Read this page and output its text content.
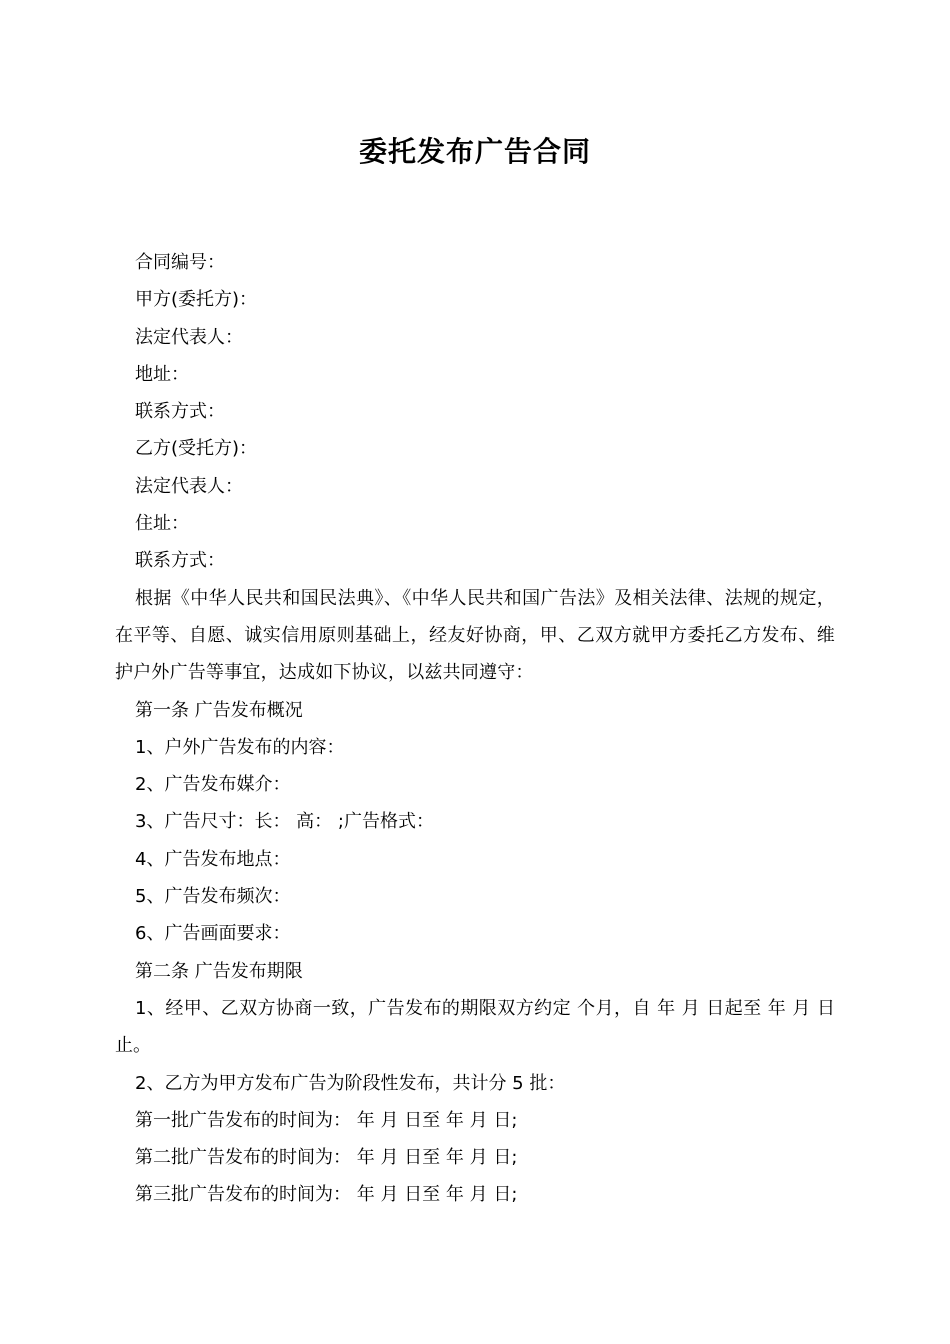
委托发布广告合同

合同编号：

甲方(委托方)：

法定代表人：

地址：

联系方式：

乙方(受托方)：

法定代表人：

住址：

联系方式：

根据《中华人民共和国民法典》、《中华人民共和国广告法》及相关法律、法规的规定，在平等、自愿、诚实信用原则基础上，经友好协商，甲、乙双方就甲方委托乙方发布、维护户外广告等事宜，达成如下协议，以兹共同遵守：

第一条 广告发布概况

1、户外广告发布的内容：

2、广告发布媒介：

3、广告尺寸：长： 高： ;广告格式：

4、广告发布地点：

5、广告发布频次：

6、广告画面要求：

第二条 广告发布期限

1、经甲、乙双方协商一致，广告发布的期限双方约定 个月，自 年 月 日起至 年 月 日止。

2、乙方为甲方发布广告为阶段性发布，共计分 5 批：

第一批广告发布的时间为： 年 月 日至 年 月 日;

第二批广告发布的时间为： 年 月 日至 年 月 日;

第三批广告发布的时间为： 年 月 日至 年 月 日;
